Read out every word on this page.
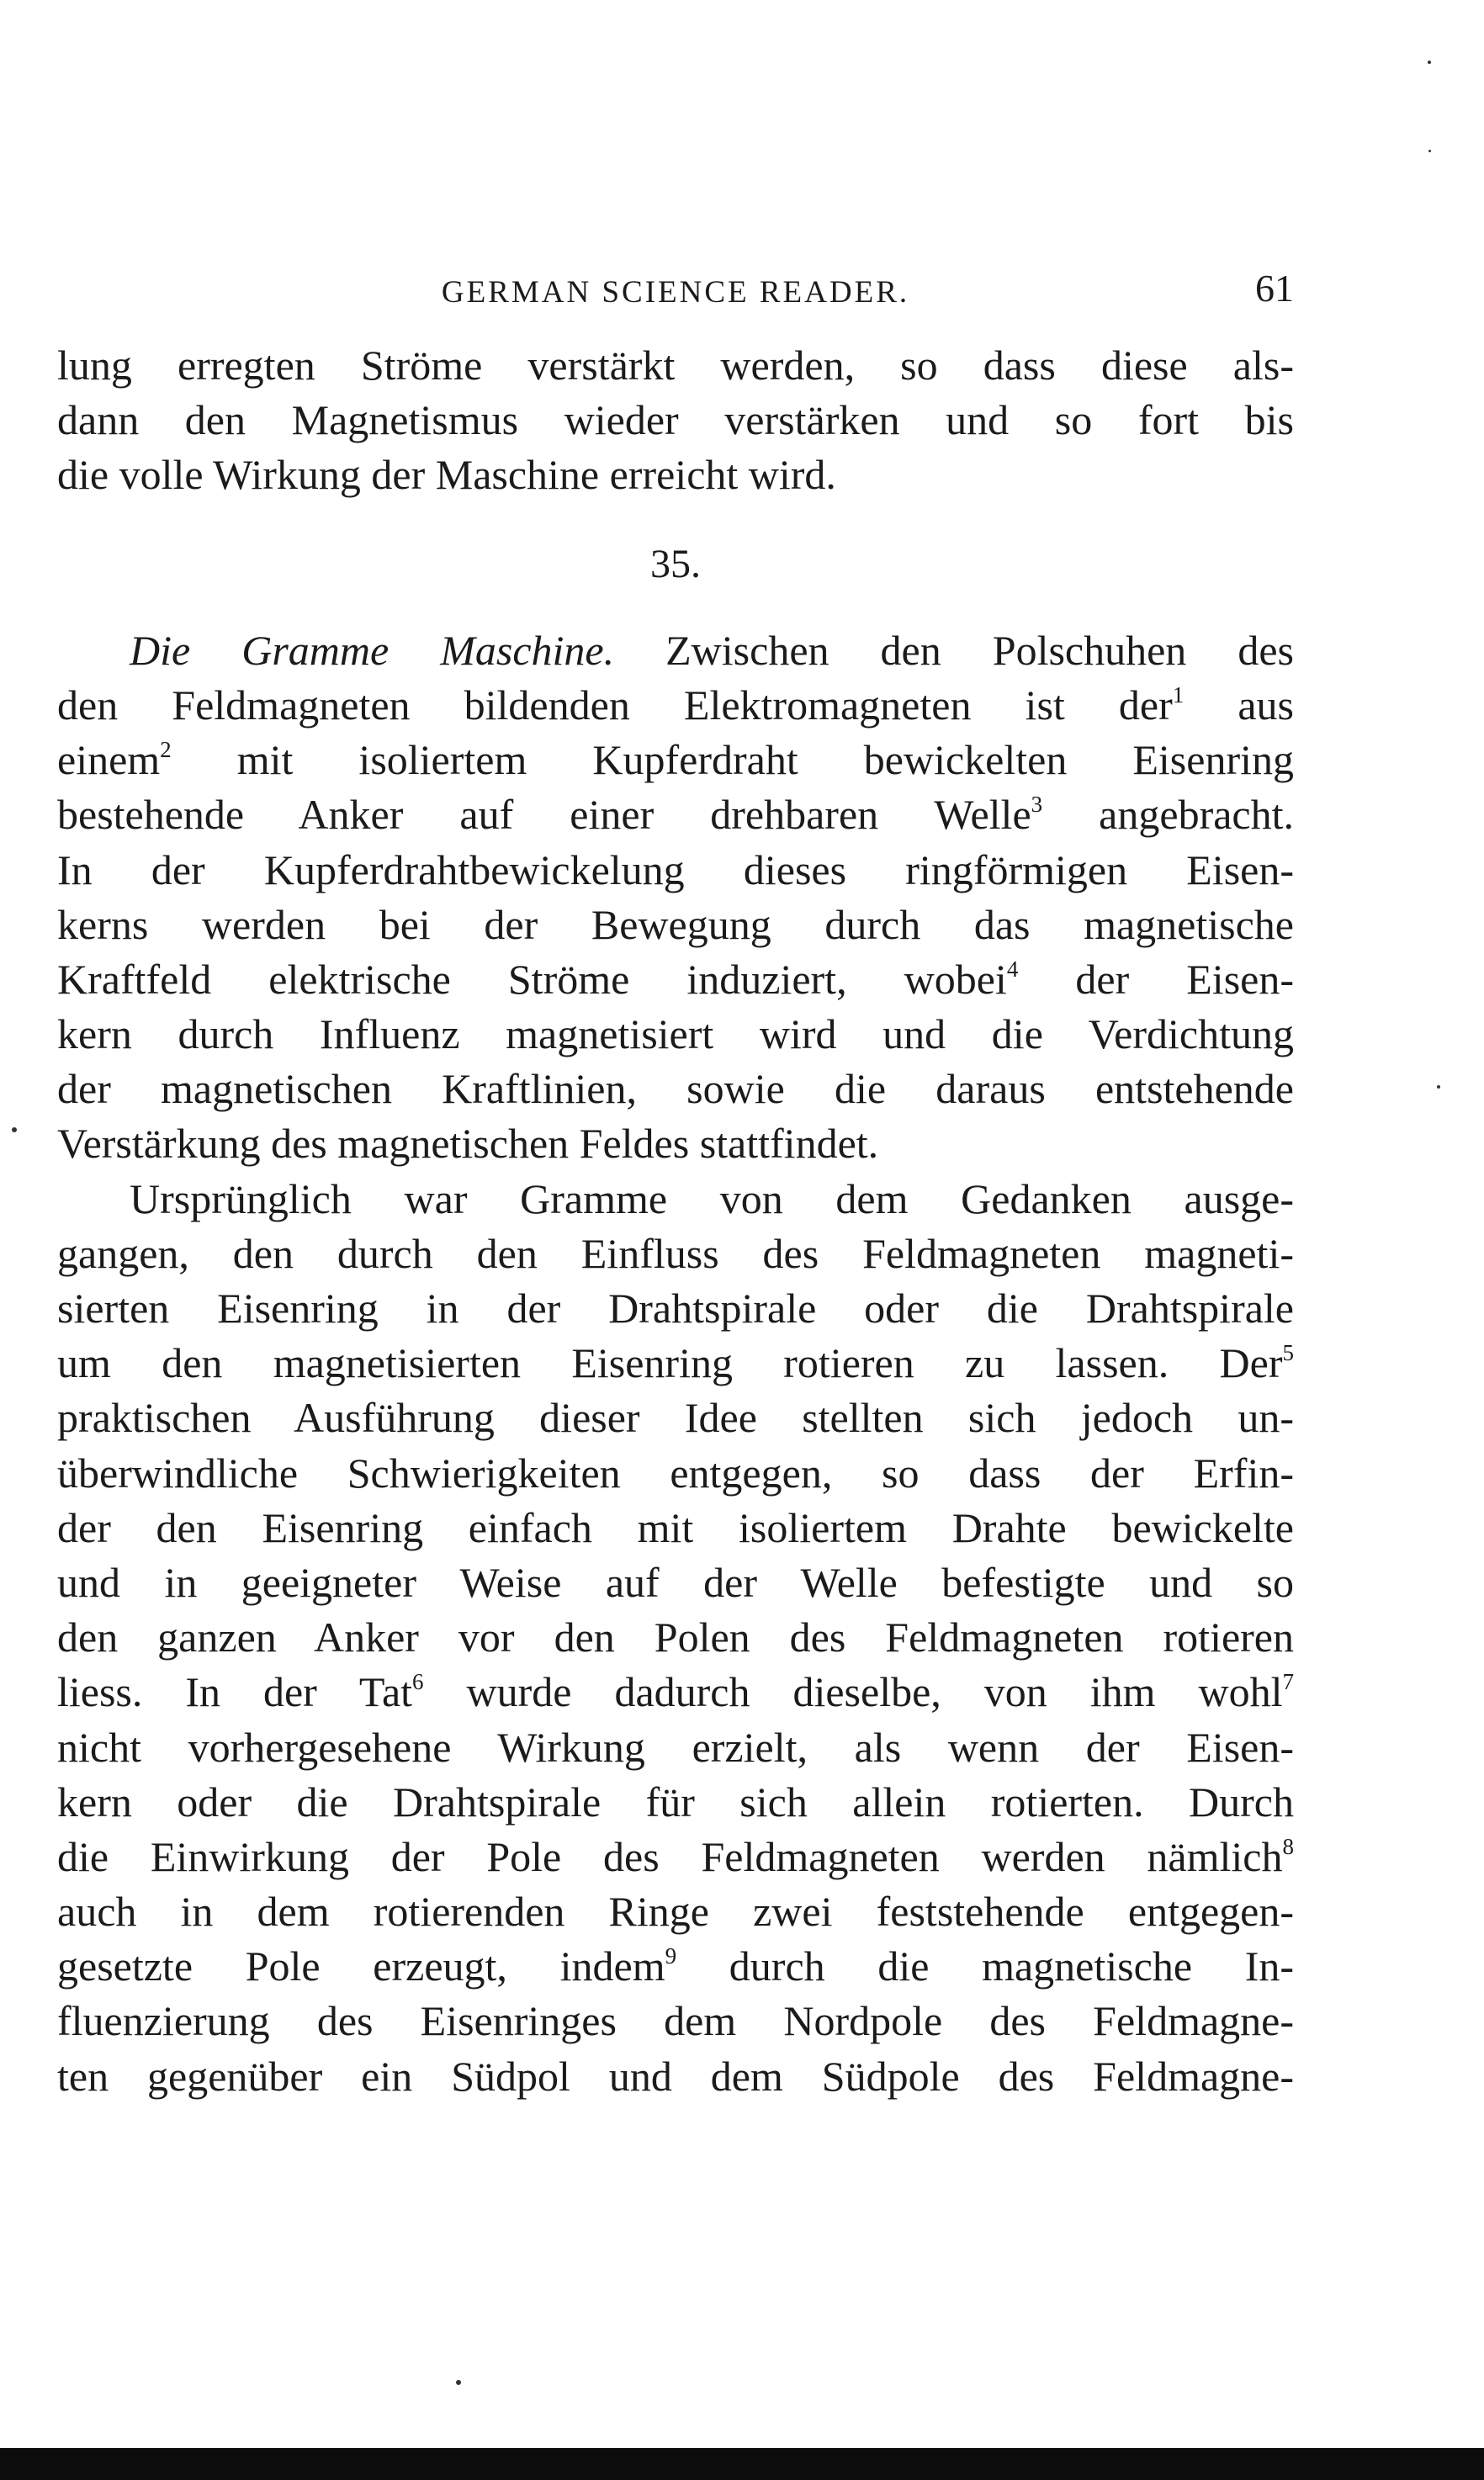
GERMAN SCIENCE READER.	61
lung erregten Ströme verstärkt werden, so dass diese als-
dann den Magnetismus wieder verstärken und so fort bis
die volle Wirkung der Maschine erreicht wird.
35.
Die Gramme Maschine. Zwischen den Polschuhen des
den Feldmagneten bildenden Elektromagneten ist der$^1$ aus
einem$^2$ mit isoliertem Kupferdraht bewickelten Eisenring
bestehende Anker auf einer drehbaren Welle$^3$ angebracht.
In der Kupferdrahtbewickelung dieses ringförmigen Eisen-
kerns werden bei der Bewegung durch das magnetische
Kraftfeld elektrische Ströme induziert, wobei$^4$ der Eisen-
kern durch Influenz magnetisiert wird und die Verdichtung
der magnetischen Kraftlinien, sowie die daraus entstehende
Verstärkung des magnetischen Feldes stattfindet.
Ursprünglich war Gramme von dem Gedanken ausge-
gangen, den durch den Einfluss des Feldmagneten magneti-
sierten Eisenring in der Drahtspirale oder die Drahtspirale
um den magnetisierten Eisenring rotieren zu lassen. Der$^5$
praktischen Ausführung dieser Idee stellten sich jedoch un-
überwindliche Schwierigkeiten entgegen, so dass der Erfin-
der den Eisenring einfach mit isoliertem Drahte bewickelte
und in geeigneter Weise auf der Welle befestigte und so
den ganzen Anker vor den Polen des Feldmagneten rotieren
liess. In der Tat$^6$ wurde dadurch dieselbe, von ihm wohl$^7$
nicht vorhergesehene Wirkung erzielt, als wenn der Eisen-
kern oder die Drahtspirale für sich allein rotierten. Durch
die Einwirkung der Pole des Feldmagneten werden nämlich$^8$
auch in dem rotierenden Ringe zwei feststehende entgegen-
gesetzte Pole erzeugt, indem$^9$ durch die magnetische In-
fluenzierung des Eisenringes dem Nordpole des Feldmagne-
ten gegenüber ein Südpol und dem Südpole des Feldmagne-
